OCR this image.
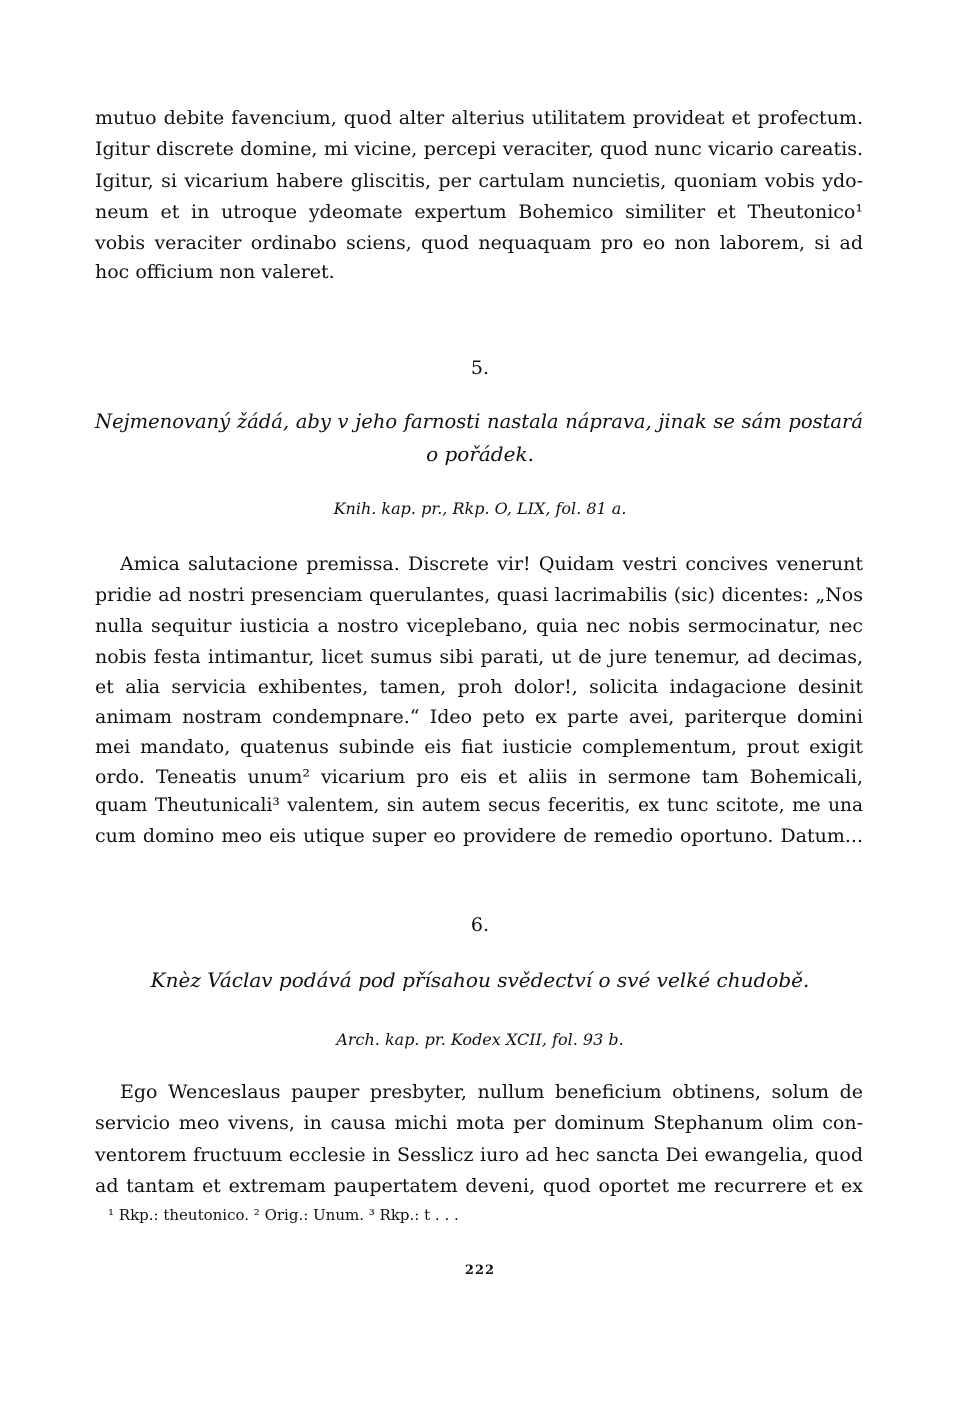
mutuo debite favencium, quod alter alterius utilitatem provideat et profectum.
Igitur discrete domine, mi vicine, percepi veraciter, quod nunc vicario careatis.
Igitur, si vicarium habere gliscitis, per cartulam nuncietis, quoniam vobis ydo-
neum et in utroque ydeomate expertum Bohemico similiter et Theutonico¹
vobis veraciter ordinabo sciens, quod nequaquam pro eo non laborem, si ad
hoc officium non valeret.
5.
Nejmenovaný žádá, aby v jeho farnosti nastala náprava, jinak se sám postará
o pořádek.
Knih. kap. pr., Rkp. O, LIX, fol. 81 a.
Amica salutacione premissa. Discrete vir! Quidam vestri concives venerunt
pridie ad nostri presenciam querulantes, quasi lacrimabilis (sic) dicentes: „Nos
nulla sequitur iusticia a nostro viceplebano, quia nec nobis sermocinatur, nec
nobis festa intimantur, licet sumus sibi parati, ut de jure tenemur, ad decimas,
et alia servicia exhibentes, tamen, proh dolor!, solicita indagacione desinit
animam nostram condempnare.“ Ideo peto ex parte avei, pariterque domini
mei mandato, quatenus subinde eis fiat iusticie complementum, prout exigit
ordo. Teneatis unum² vicarium pro eis et aliis in sermone tam Bohemicali,
quam Theutunicali³ valentem, sin autem secus feceritis, ex tunc scitote, me una
cum domino meo eis utique super eo providere de remedio oportuno. Datum...
6.
Knèz Václav podává pod přísahou svědectví o své velké chudobě.
Arch. kap. pr. Kodex XCII, fol. 93 b.
Ego Wenceslaus pauper presbyter, nullum beneficium obtinens, solum de
servicio meo vivens, in causa michi mota per dominum Stephanum olim con-
ventorem fructuum ecclesie in Sesslicz iuro ad hec sancta Dei ewangelia, quod
ad tantam et extremam paupertatem deveni, quod oportet me recurrere et ex
¹ Rkp.: theutonico. ² Orig.: Unum. ³ Rkp.: t . . .
222
